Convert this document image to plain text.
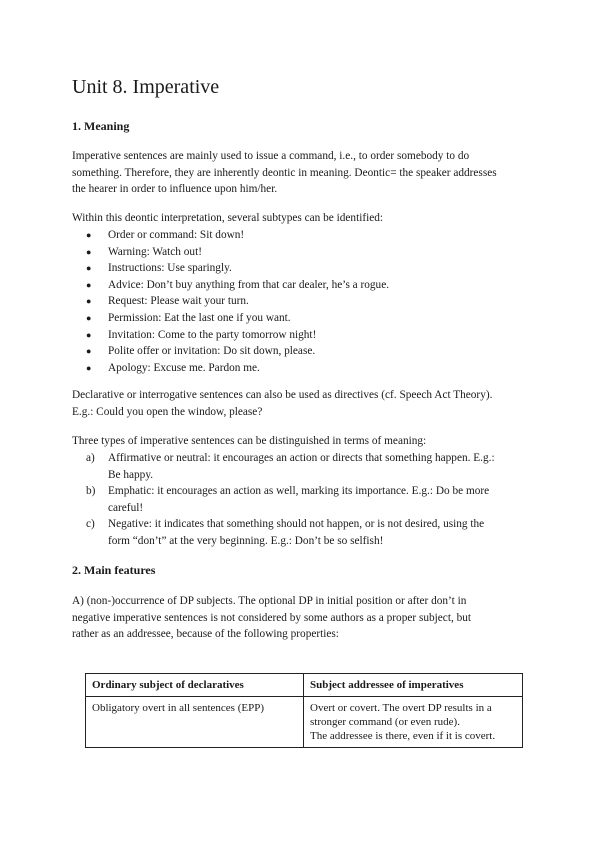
Unit 8. Imperative
1. Meaning

Imperative sentences are mainly used to issue a command, i.e., to order somebody to do
something. Therefore, they are inherently deontic in meaning. Deontic= the speaker addresses
the hearer in order to influence upon him/her.

Within this deontic interpretation, several subtypes can be identified:

● Order or command: Sit down!
● Warning: Watch out!
● Instructions: Use sparingly.
● Advice: Don’t buy anything from that car dealer, he’s a rogue.
● Request: Please wait your turn.
● Permission: Eat the last one if you want.
● Invitation: Come to the party tomorrow night!
● Polite offer or invitation: Do sit down, please.
● Apology: Excuse me. Pardon me.

Declarative or interrogative sentences can also be used as directives (cf. Speech Act Theory).
E.g.: Could you open the window, please?

Three types of imperative sentences can be distinguished in terms of meaning:

a) Affirmative or neutral: it encourages an action or directs that something happen. E.g.:
Be happy.
b) Emphatic: it encourages an action as well, marking its importance. E.g.: Do be more
careful!
c) Negative: it indicates that something should not happen, or is not desired, using the
form “don’t” at the very beginning. E.g.: Don’t be so selfish!
2. Main features

A) (non-)occurrence of DP subjects. The optional DP in initial position or after don’t in
negative imperative sentences is not considered by some authors as a proper subject, but
rather as an addressee, because of the following properties:

Ordinary subject of declaratives	Subject addressee of imperatives
Obligatory overt in all sentences (EPP)	Overt or covert. The overt DP results in a
stronger command (or even rude).
The addressee is there, even if it is covert.
